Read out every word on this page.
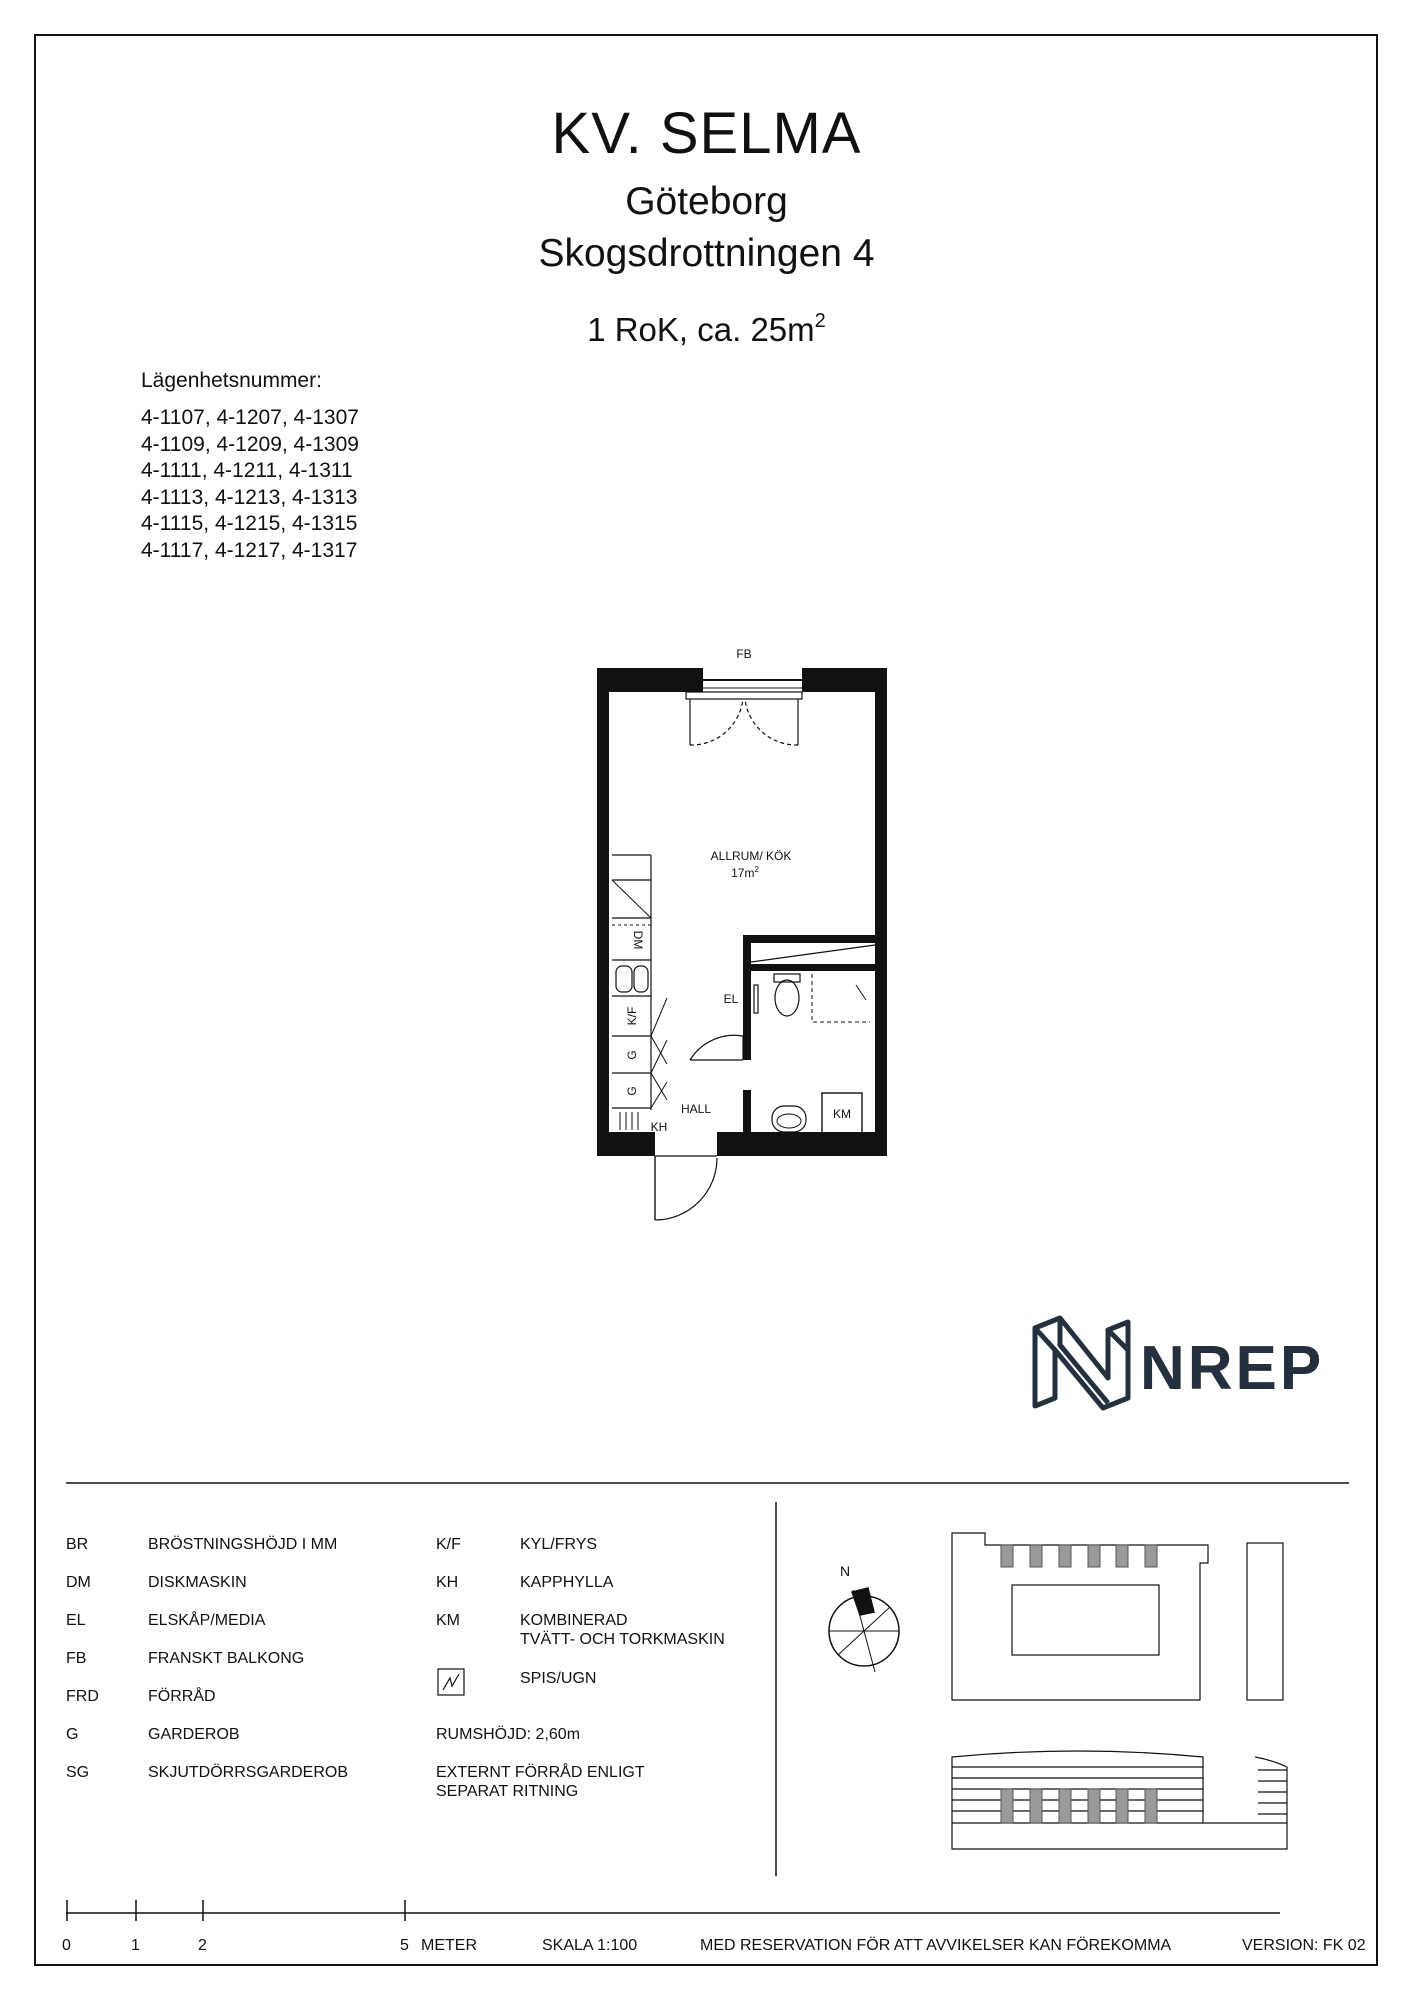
KV. SELMA
Göteborg
Skogsdrottningen 4
1 RoK, ca. $25m^2$
Lägenhetsnummer:
4-1107, 4-1207, 4-1307
4-1109, 4-1209, 4-1309
4-1111, 4-1211, 4-1311
4-1113, 4-1213, 4-1313
4-1115, 4-1215, 4-1315
4-1117, 4-1217, 4-1317
FB
ALLRUM/ KÖK
$17m^2$
DM
K/F
G
G
EL
KH
HALL	KM
N
NREP
BR	BRÖSTNINGSHÖJD I MM
DM	DISKMASKIN
EL	ELSKÅP/MEDIA
FB	FRANSKT BALKONG
FRD	FÖRRÅD
G	GARDEROB
SG	SKJUTDÖRRSGARDEROB
K/F	KYL/FRYS
KH	KAPPHYLLA
KM	KOMBINERAD
TVÄTT- OCH TORKMASKIN
SPIS/UGN
RUMSHÖJD: 2,60m
EXTERNT FÖRRÅD ENLIGT
SEPARAT RITNING
0	1	2	5 METER	SKALA 1:100	MED RESERVATION FÖR ATT AVVIKELSER KAN FÖREKOMMA	VERSION: FK 02
